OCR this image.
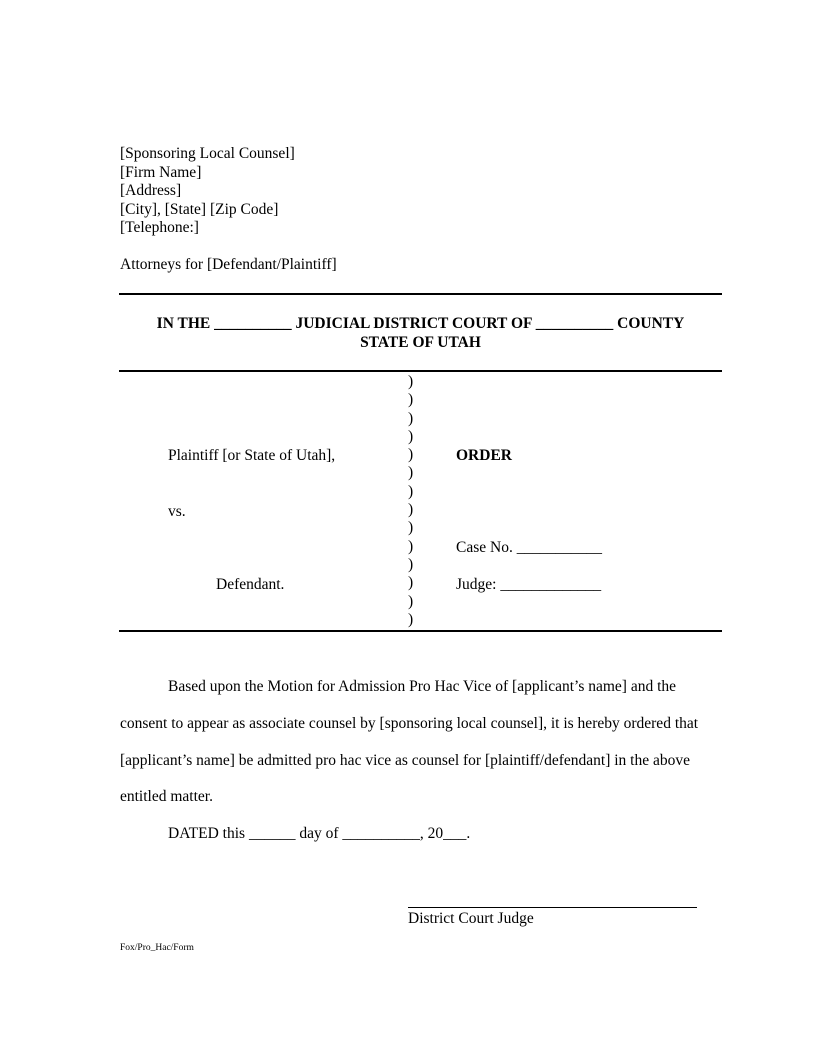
[Sponsoring Local Counsel]
[Firm Name]
[Address]
[City], [State] [Zip Code]
[Telephone:]
Attorneys for [Defendant/Plaintiff]
IN THE __________ JUDICIAL DISTRICT COURT OF __________ COUNTY
STATE OF UTAH
Plaintiff [or State of Utah],
vs.
Defendant.
)
)
)
)
)
)
)
)
)
)
)
)
)
)
ORDER
Case No. ___________
Judge: _____________
Based upon the Motion for Admission Pro Hac Vice of [applicant’s name] and the
consent to appear as associate counsel by [sponsoring local counsel], it is hereby ordered that
[applicant’s name] be admitted pro hac vice as counsel for [plaintiff/defendant] in the above
entitled matter.
DATED this ______ day of __________, 20___.
District Court Judge
Fox/Pro_Hac/Form
